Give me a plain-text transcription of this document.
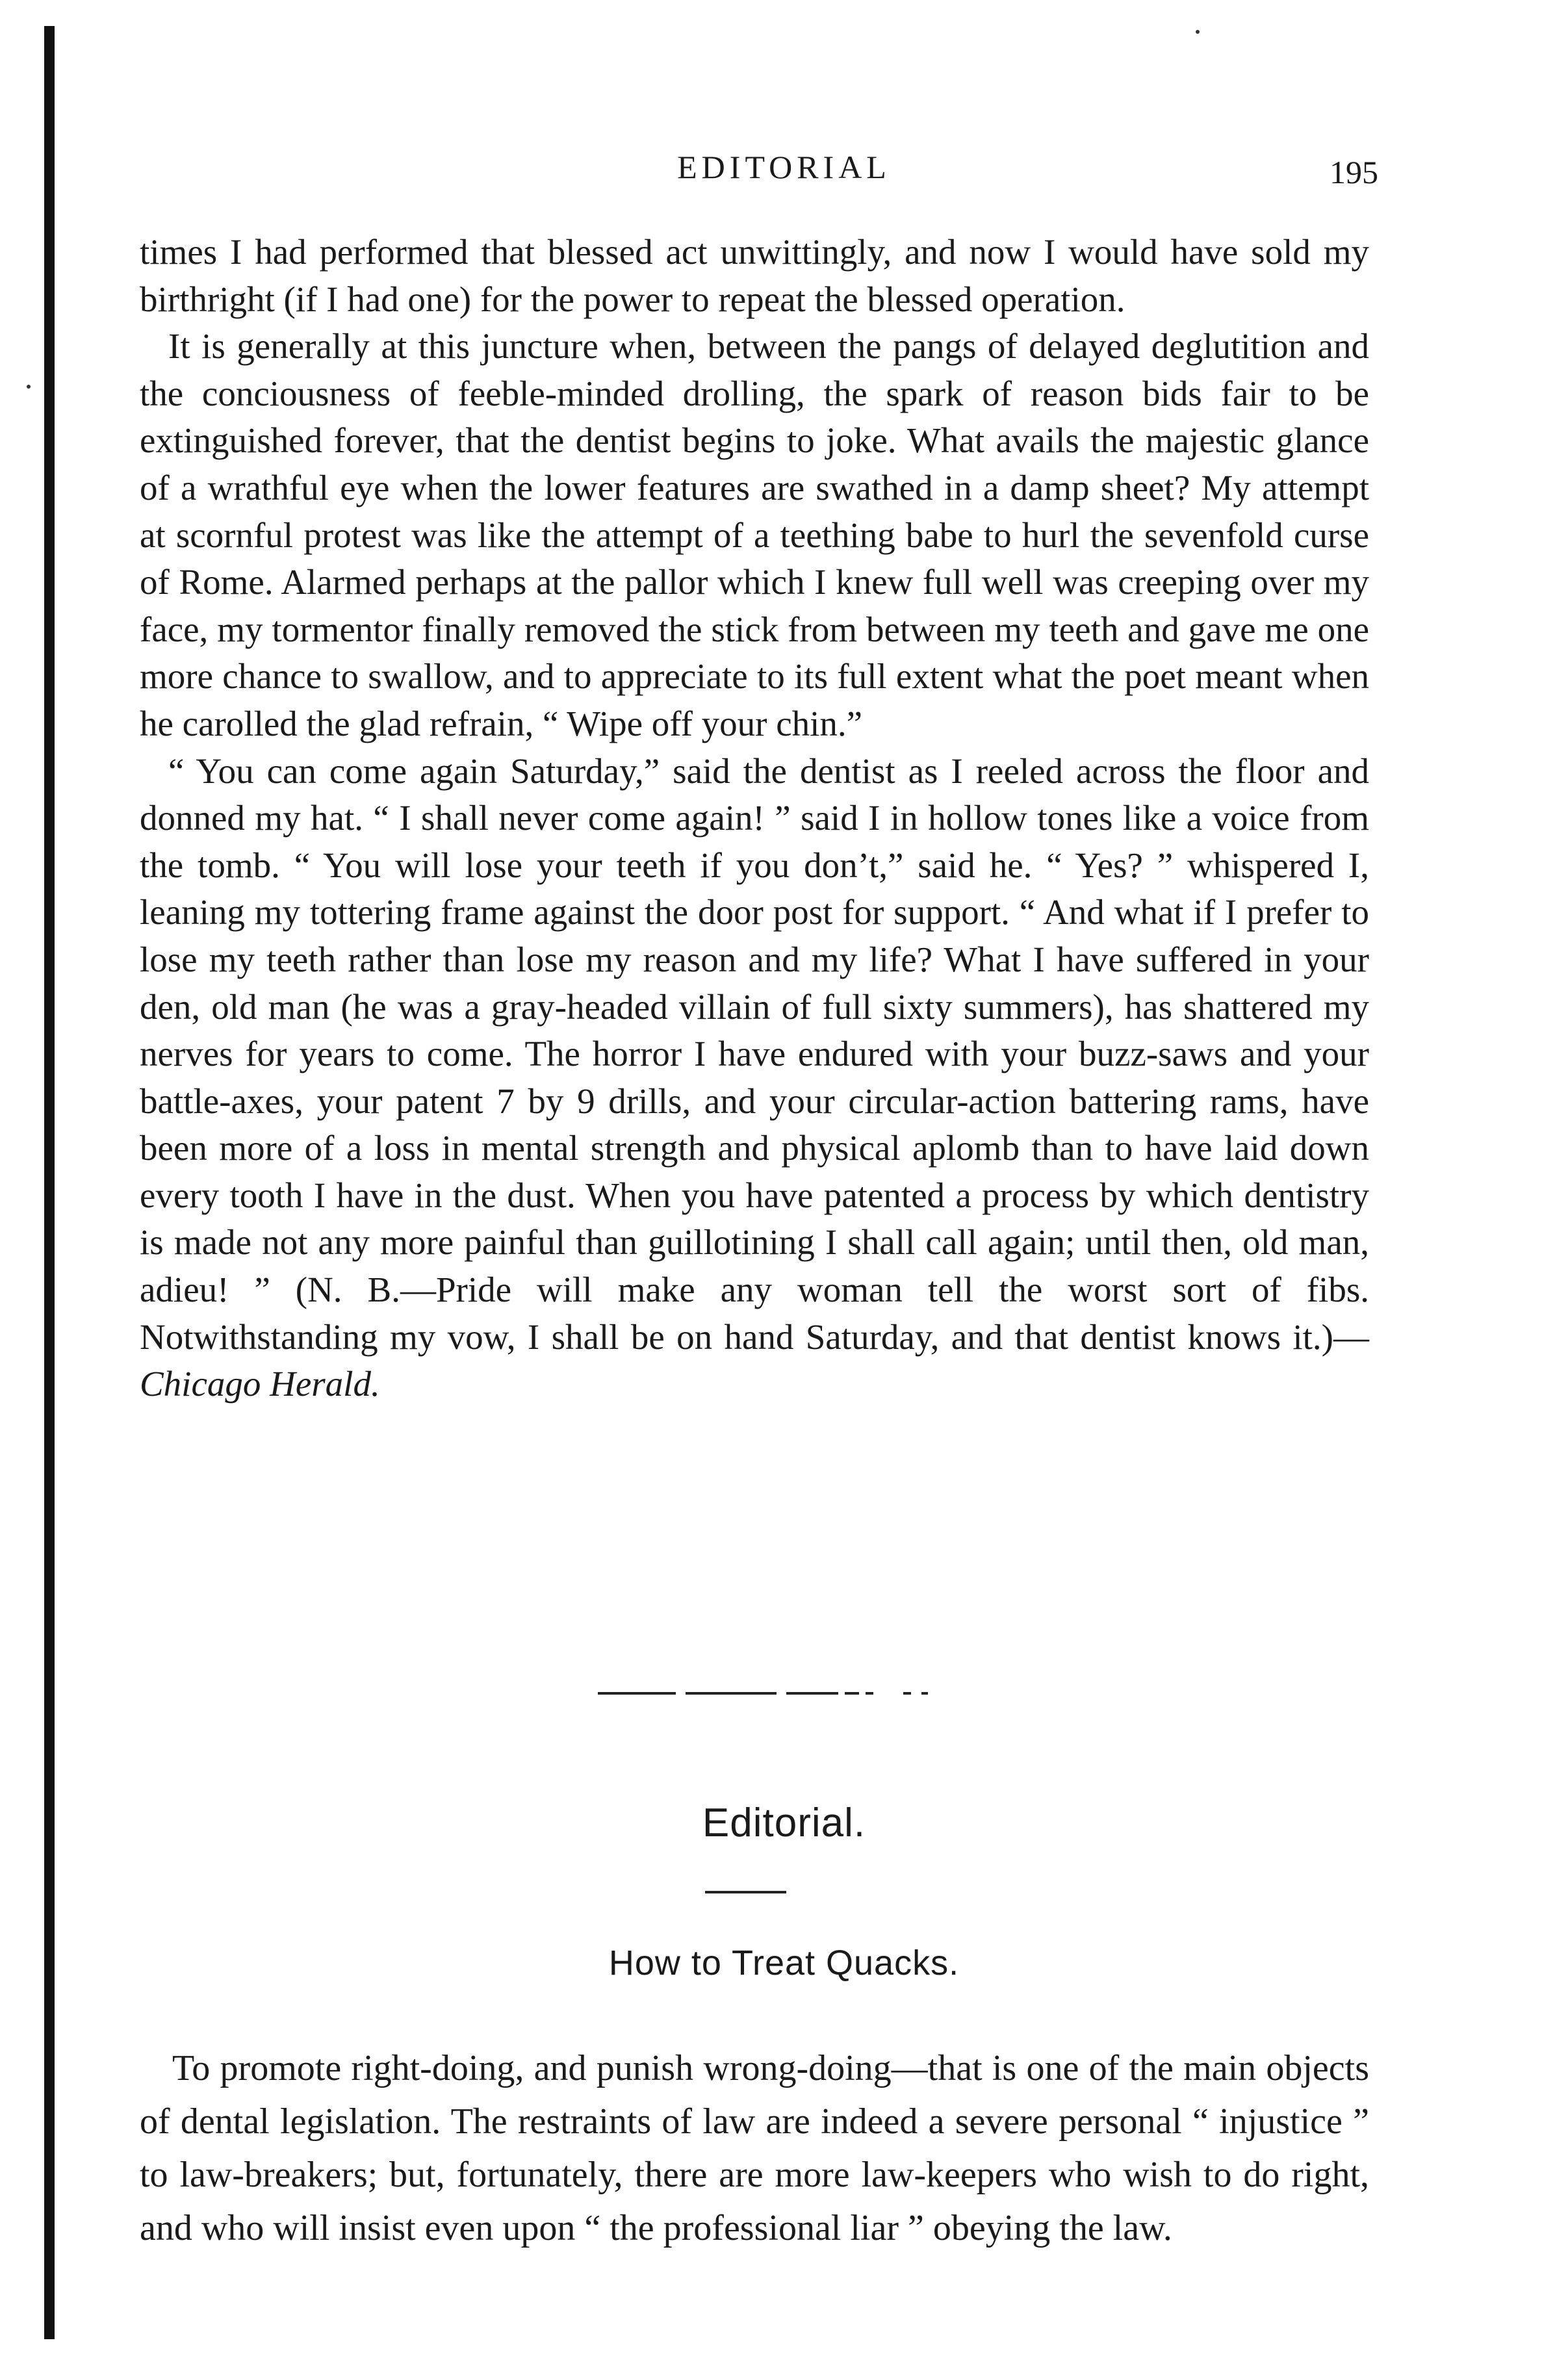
EDITORIAL	195

times I had performed that blessed act unwittingly, and now I would have sold my birthright (if I had one) for the power to repeat the blessed operation.

It is generally at this juncture when, between the pangs of delayed deglutition and the conciousness of feeble-minded drolling, the spark of reason bids fair to be extinguished forever, that the dentist begins to joke. What avails the majestic glance of a wrathful eye when the lower features are swathed in a damp sheet? My attempt at scornful protest was like the attempt of a teething babe to hurl the sevenfold curse of Rome. Alarmed perhaps at the pallor which I knew full well was creeping over my face, my tormentor finally removed the stick from between my teeth and gave me one more chance to swallow, and to appreciate to its full extent what the poet meant when he carolled the glad refrain, “ Wipe off your chin.”

“ You can come again Saturday,” said the dentist as I reeled across the floor and donned my hat. “ I shall never come again! ” said I in hollow tones like a voice from the tomb. “ You will lose your teeth if you don’t,” said he. “ Yes? ” whispered I, leaning my tottering frame against the door post for support. “ And what if I prefer to lose my teeth rather than lose my reason and my life? What I have suffered in your den, old man (he was a gray-headed villain of full sixty summers), has shattered my nerves for years to come. The horror I have endured with your buzz-saws and your battle-axes, your patent 7 by 9 drills, and your circular-action battering rams, have been more of a loss in mental strength and physical aplomb than to have laid down every tooth I have in the dust. When you have patented a process by which dentistry is made not any more painful than guillotining I shall call again; until then, old man, adieu! ” (N. B.—Pride will make any woman tell the worst sort of fibs. Notwithstanding my vow, I shall be on hand Saturday, and that dentist knows it.)—Chicago Herald.

Editorial.
How to Treat Quacks.

To promote right-doing, and punish wrong-doing—that is one of the main objects of dental legislation. The restraints of law are indeed a severe personal “ injustice ” to law-breakers; but, fortunately, there are more law-keepers who wish to do right, and who will insist even upon “ the professional liar ” obeying the law.
